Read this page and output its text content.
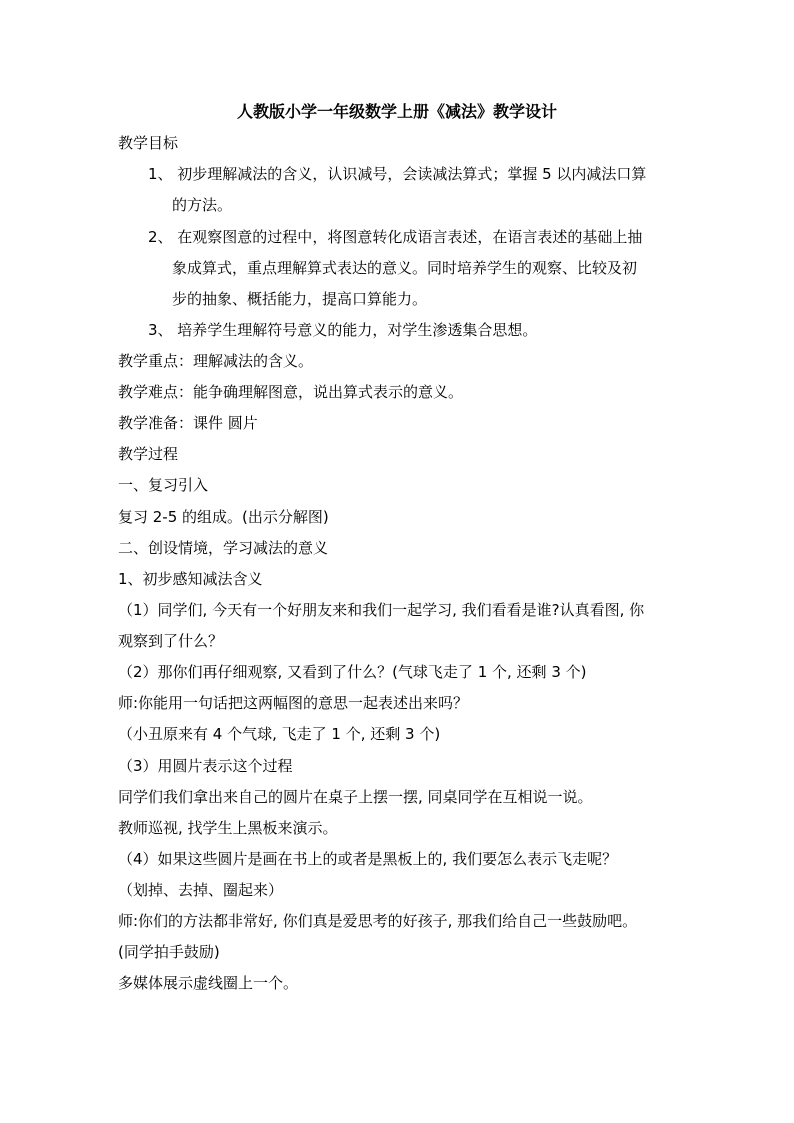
人教版小学一年级数学上册《减法》教学设计
教学目标
1、 初步理解减法的含义，认识减号，会读减法算式；掌握 5 以内减法口算
的方法。
2、 在观察图意的过程中，将图意转化成语言表述，在语言表述的基础上抽
象成算式，重点理解算式表达的意义。同时培养学生的观察、比较及初
步的抽象、概括能力，提高口算能力。
3、 培养学生理解符号意义的能力，对学生渗透集合思想。
教学重点：理解减法的含义。
教学难点：能争确理解图意，说出算式表示的意义。
教学准备：课件 圆片
教学过程
一、复习引入
复习 2-5 的组成。(出示分解图)
二、创设情境，学习减法的意义
1、初步感知减法含义
（1）同学们, 今天有一个好朋友来和我们一起学习, 我们看看是谁?认真看图, 你
观察到了什么？
（2）那你们再仔细观察, 又看到了什么？(气球飞走了 1 个, 还剩 3 个)
师:你能用一句话把这两幅图的意思一起表述出来吗？
（小丑原来有 4 个气球, 飞走了 1 个, 还剩 3 个)
（3）用圆片表示这个过程
同学们我们拿出来自己的圆片在桌子上摆一摆, 同桌同学在互相说一说。
教师巡视, 找学生上黑板来演示。
（4）如果这些圆片是画在书上的或者是黑板上的, 我们要怎么表示飞走呢？
（划掉、去掉、圈起来）
师:你们的方法都非常好, 你们真是爱思考的好孩子, 那我们给自己一些鼓励吧。
(同学拍手鼓励)
多媒体展示虚线圈上一个。
